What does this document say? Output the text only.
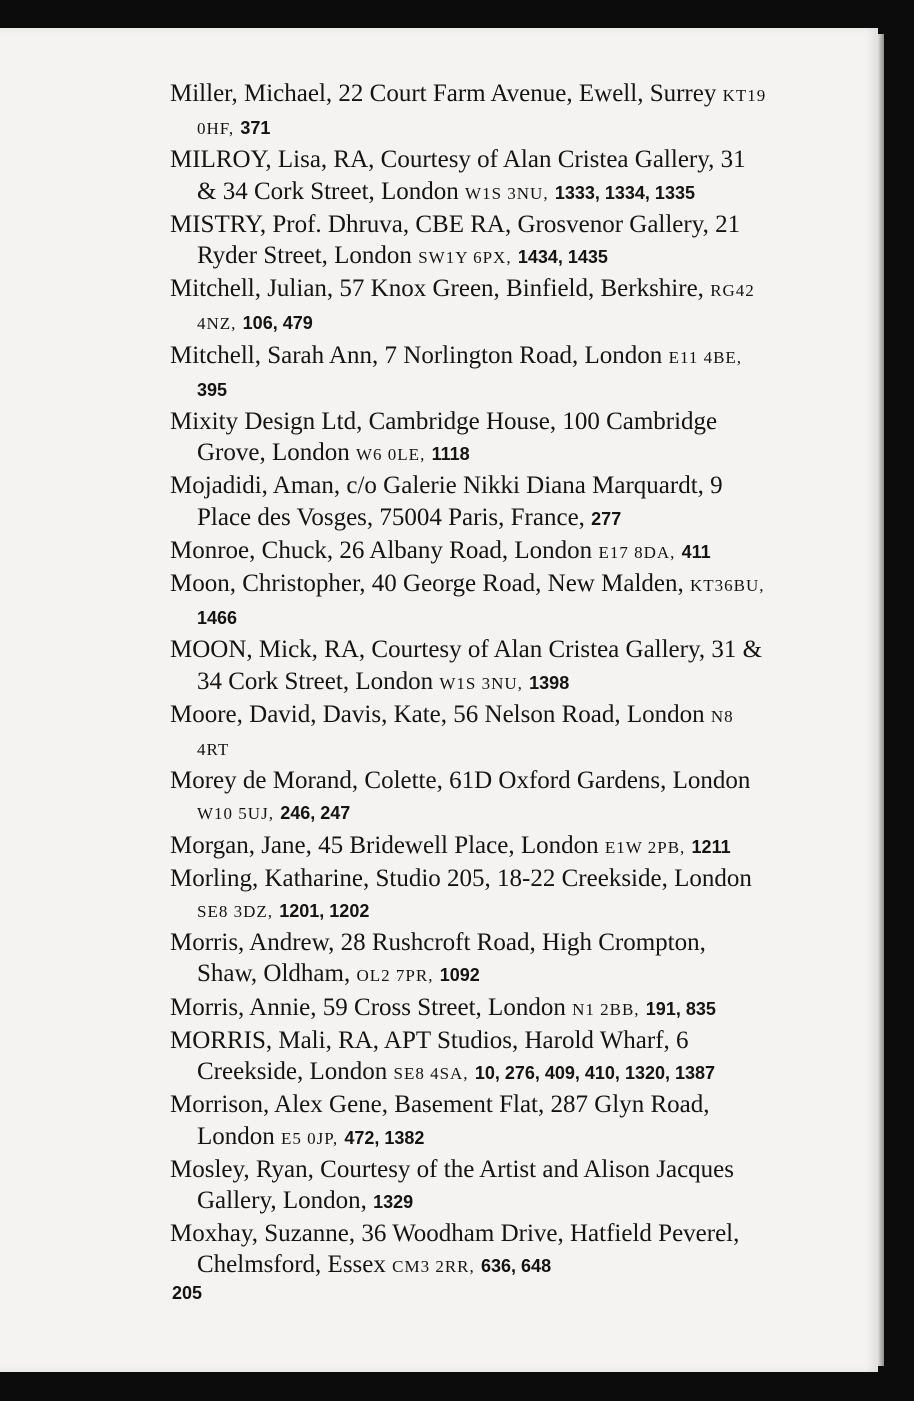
Miller, Michael, 22 Court Farm Avenue, Ewell, Surrey KT19 0HF, 371
MILROY, Lisa, RA, Courtesy of Alan Cristea Gallery, 31 & 34 Cork Street, London W1S 3NU, 1333, 1334, 1335
MISTRY, Prof. Dhruva, CBE RA, Grosvenor Gallery, 21 Ryder Street, London SW1Y 6PX, 1434, 1435
Mitchell, Julian, 57 Knox Green, Binfield, Berkshire, RG42 4NZ, 106, 479
Mitchell, Sarah Ann, 7 Norlington Road, London E11 4BE, 395
Mixity Design Ltd, Cambridge House, 100 Cambridge Grove, London W6 0LE, 1118
Mojadidi, Aman, c/o Galerie Nikki Diana Marquardt, 9 Place des Vosges, 75004 Paris, France, 277
Monroe, Chuck, 26 Albany Road, London E17 8DA, 411
Moon, Christopher, 40 George Road, New Malden, KT36BU, 1466
MOON, Mick, RA, Courtesy of Alan Cristea Gallery, 31 & 34 Cork Street, London W1S 3NU, 1398
Moore, David, Davis, Kate, 56 Nelson Road, London N8 4RT
Morey de Morand, Colette, 61D Oxford Gardens, London W10 5UJ, 246, 247
Morgan, Jane, 45 Bridewell Place, London E1W 2PB, 1211
Morling, Katharine, Studio 205, 18-22 Creekside, London SE8 3DZ, 1201, 1202
Morris, Andrew, 28 Rushcroft Road, High Crompton, Shaw, Oldham, OL2 7PR, 1092
Morris, Annie, 59 Cross Street, London N1 2BB, 191, 835
MORRIS, Mali, RA, APT Studios, Harold Wharf, 6 Creekside, London SE8 4SA, 10, 276, 409, 410, 1320, 1387
Morrison, Alex Gene, Basement Flat, 287 Glyn Road, London E5 0JP, 472, 1382
Mosley, Ryan, Courtesy of the Artist and Alison Jacques Gallery, London, 1329
Moxhay, Suzanne, 36 Woodham Drive, Hatfield Peverel, Chelmsford, Essex CM3 2RR, 636, 648
205
